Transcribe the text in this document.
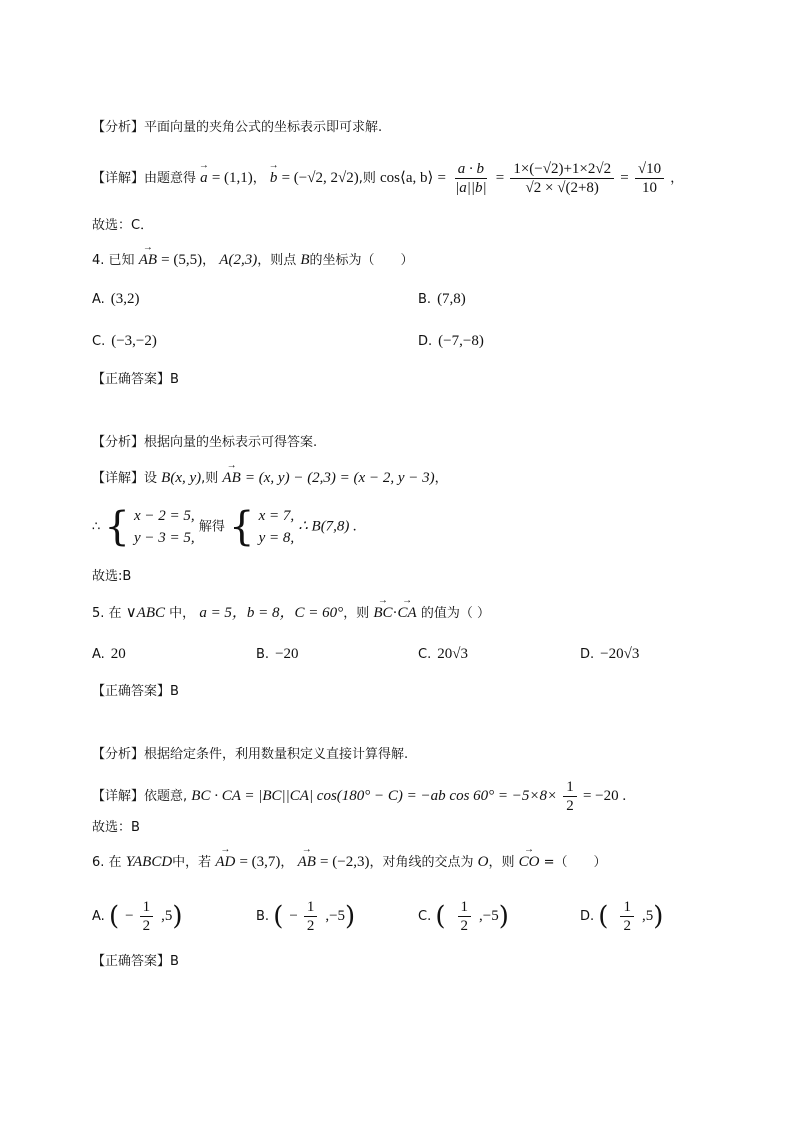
【分析】平面向量的夹角公式的坐标表示即可求解.
【详解】由题意得 → a = (1,1)， → b = (−√2, 2√2),则 cos⟨a, b⟩ = $\frac{a \cdot b}{|a||b|} = \frac{1\times(-√2)+1\times 2√2}{√2 \times √(2+8)} = \frac{√10}{10}$ ，
故选：C．
4. 已知 → AB = (5,5)， A(2,3)，则点 B的坐标为（　　）
A. (3,2)	B. (7,8)
C. (−3,−2)	D. (−7,−8)
【正确答案】B
【分析】根据向量的坐标表示可得答案.
【详解】设 B(x, y),则 → AB = (x, y) − (2,3) = (x − 2, y − 3)，
∴ { x − 2 = 5,
y − 3 = 5,
解得 { x = 7,
y = 8,
∴ B(7,8) .
故选:B
5. 在 ∨ABC 中， a = 5，b = 8，C = 60°，则 → BC·→ CA 的值为（ ）
A. 20	B. −20	C. 20√3	D. −20√3
【正确答案】B
【分析】根据给定条件，利用数量积定义直接计算得解.
【详解】依题意, BC · CA = |BC||CA| cos(180° − C) = −ab $\cos 60^\circ = -5\times 8\times \frac{1}{2} = -20$ .
故选：B
6. 在 YABCD中，若 → AD = (3,7)， → AB = (−2,3)，对角线的交点为 O，则 → CO =（　　）
A. ( − $\frac{1}{2} ,5$)	B. ( − $\frac{1}{2} ,-5$)	C. ( $\frac{1}{2} ,-5$)	D. ( $\frac{1}{2} ,5$)
【正确答案】B
